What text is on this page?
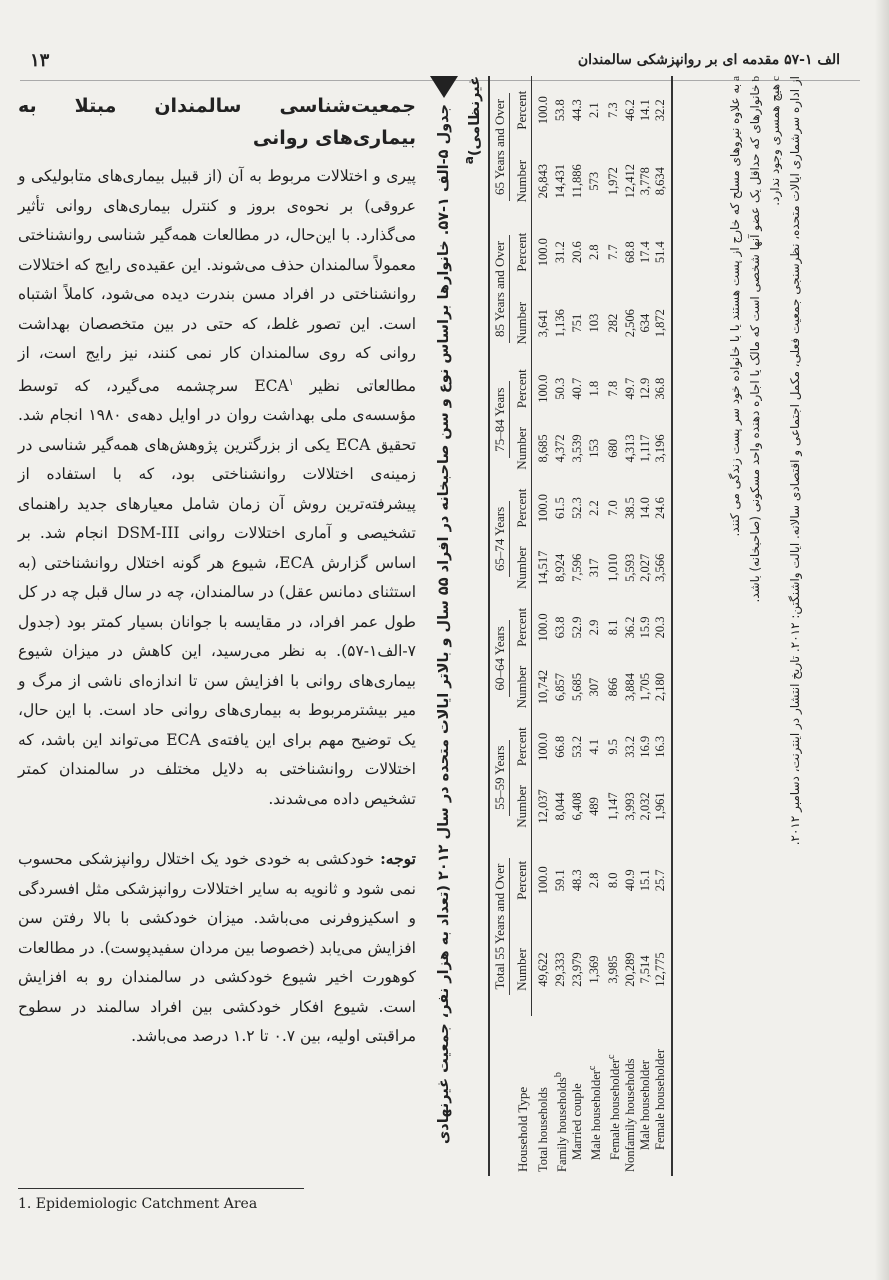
۱۳	الف ۱-۵۷ مقدمه ای بر روانپزشکی سالمندان
جمعیت‌شناسی سالمندان مبتلا به بیماری‌های روانی

پیری و اختلالات مربوط به آن (از قبیل بیماری‌های متابولیکی و عروقی) بر نحوه‌ی بروز و کنترل بیماری‌های روانی تأثیر می‌گذارد. با این‌حال، در مطالعات همه‌گیر شناسی روانشناختی معمولاً سالمندان حذف می‌شوند. این عقیده‌ی رایج که اختلالات روانشناختی در افراد مسن بندرت دیده می‌شود، کاملاً اشتباه است. این تصور غلط، که حتی در بین متخصصان بهداشت روانی که روی سالمندان کار نمی کنند، نیز رایج است، از مطالعاتی نظیر ECA$^۱$ سرچشمه می‌گیرد، که توسط مؤسسه‌ی ملی بهداشت روان در اوایل دهه‌ی ۱۹۸۰ انجام شد. تحقیق ECA یکی از بزرگترین پژوهش‌های همه‌گیر شناسی در زمینه‌ی اختلالات روانشناختی بود، که با استفاده از پیشرفته‌ترین روش آن زمان شامل معیارهای جدید راهنمای تشخیصی و آماری اختلالات روانی DSM-III انجام شد. بر اساس گزارش ECA، شیوع هر گونه اختلال روانشناختی (به استثنای دمانس عقل) در سالمندان، چه در سال قبل چه در کل طول عمر افراد، در مقایسه با جوانان بسیار کمتر بود (جدول ۷-الف۱-۵۷). به نظر می‌رسید، این کاهش در میزان شیوع بیماری‌های روانی با افزایش سن تا اندازه‌ای ناشی از مرگ و میر بیشترمربوط به بیماری‌های روانی حاد است. با این حال، یک توضیح مهم برای این یافته‌ی ECA می‌تواند این باشد، که اختلالات روانشناختی به دلایل مختلف در سالمندان کمتر تشخیص داده می‌شدند.

توجه: خودکشی به خودی خود یک اختلال روانپزشکی محسوب نمی شود و ثانویه به سایر اختلالات روانپزشکی مثل افسردگی و اسکیزوفرنی می‌باشد. میزان خودکشی با بالا رفتن سن افزایش می‌یابد (خصوصا بین مردان سفیدپوست). در مطالعات کوهورت اخیر شیوع خودکشی در سالمندان رو به افزایش است. شیوع افکار خودکشی بین افراد سالمند در سطوح مراقبتی اولیه، بین ۰.۷ تا ۱.۲ درصد می‌باشد.

1. Epidemiologic Catchment Area
جدول ۵-الف ۱-۵۷. خانوارها براساس نوع و سن صاحبخانه در افراد ۵۵ سال و بالاتر ایالات متحده در سال ۲۰۱۲ (تعداد به هزار نفر، جمعیت غیرنهادی غیرنظامی)$^a$
Household Type	Total 55 Years and Over		55–59 Years		60–64 Years		65–74 Years		75–84 Years		85 Years and Over		65 Years and Over	
	Number	Percent	Number	Percent	Number	Percent	Number	Percent	Number	Percent	Number	Percent	Number	Percent
Total households	49,622	100.0	12,037	100.0	10,742	100.0	14,517	100.0	8,685	100.0	3,641	100.0	26,843	100.0
Family households$^b$	29,333	59.1	8,044	66.8	6,857	63.8	8,924	61.5	4,372	50.3	1,136	31.2	14,431	53.8
Married couple	23,979	48.3	6,408	53.2	5,685	52.9	7,596	52.3	3,539	40.7	751	20.6	11,886	44.3
Male householder$^c$	1,369	2.8	489	4.1	307	2.9	317	2.2	153	1.8	103	2.8	573	2.1
Female householder$^c$	3,985	8.0	1,147	9.5	866	8.1	1,010	7.0	680	7.8	282	7.7	1,972	7.3
Nonfamily households	20,289	40.9	3,993	33.2	3,884	36.2	5,593	38.5	4,313	49.7	2,506	68.8	12,412	46.2
Male householder	7,514	15.1	2,032	16.9	1,705	15.9	2,027	14.0	1,117	12.9	634	17.4	3,778	14.1
Female householder	12,775	25.7	1,961	16.3	2,180	20.3	3,566	24.6	3,196	36.8	1,872	51.4	8,634	32.2

aبه علاوه نیروهای مسلح که خارج از پست هستند یا با خانواده خود سر پست زندگی می کنند.

bخانوارهای که حداقل یک عضو آنها شخصی است که مالک یا اجاره دهنده واحد مسکونی (صاحبخانه) باشد.

cهیچ همسری وجود ندارد.

از اداره سرشماری ایالات متحده، نظرسنجی جمعیت فعلی، مکمل اجتماعی و اقتصادی سالانه. ایالت واشنگتن: ۲۰۱۲. تاریخ انتشار در اینترنت، دسامبر ۲۰۱۲.
